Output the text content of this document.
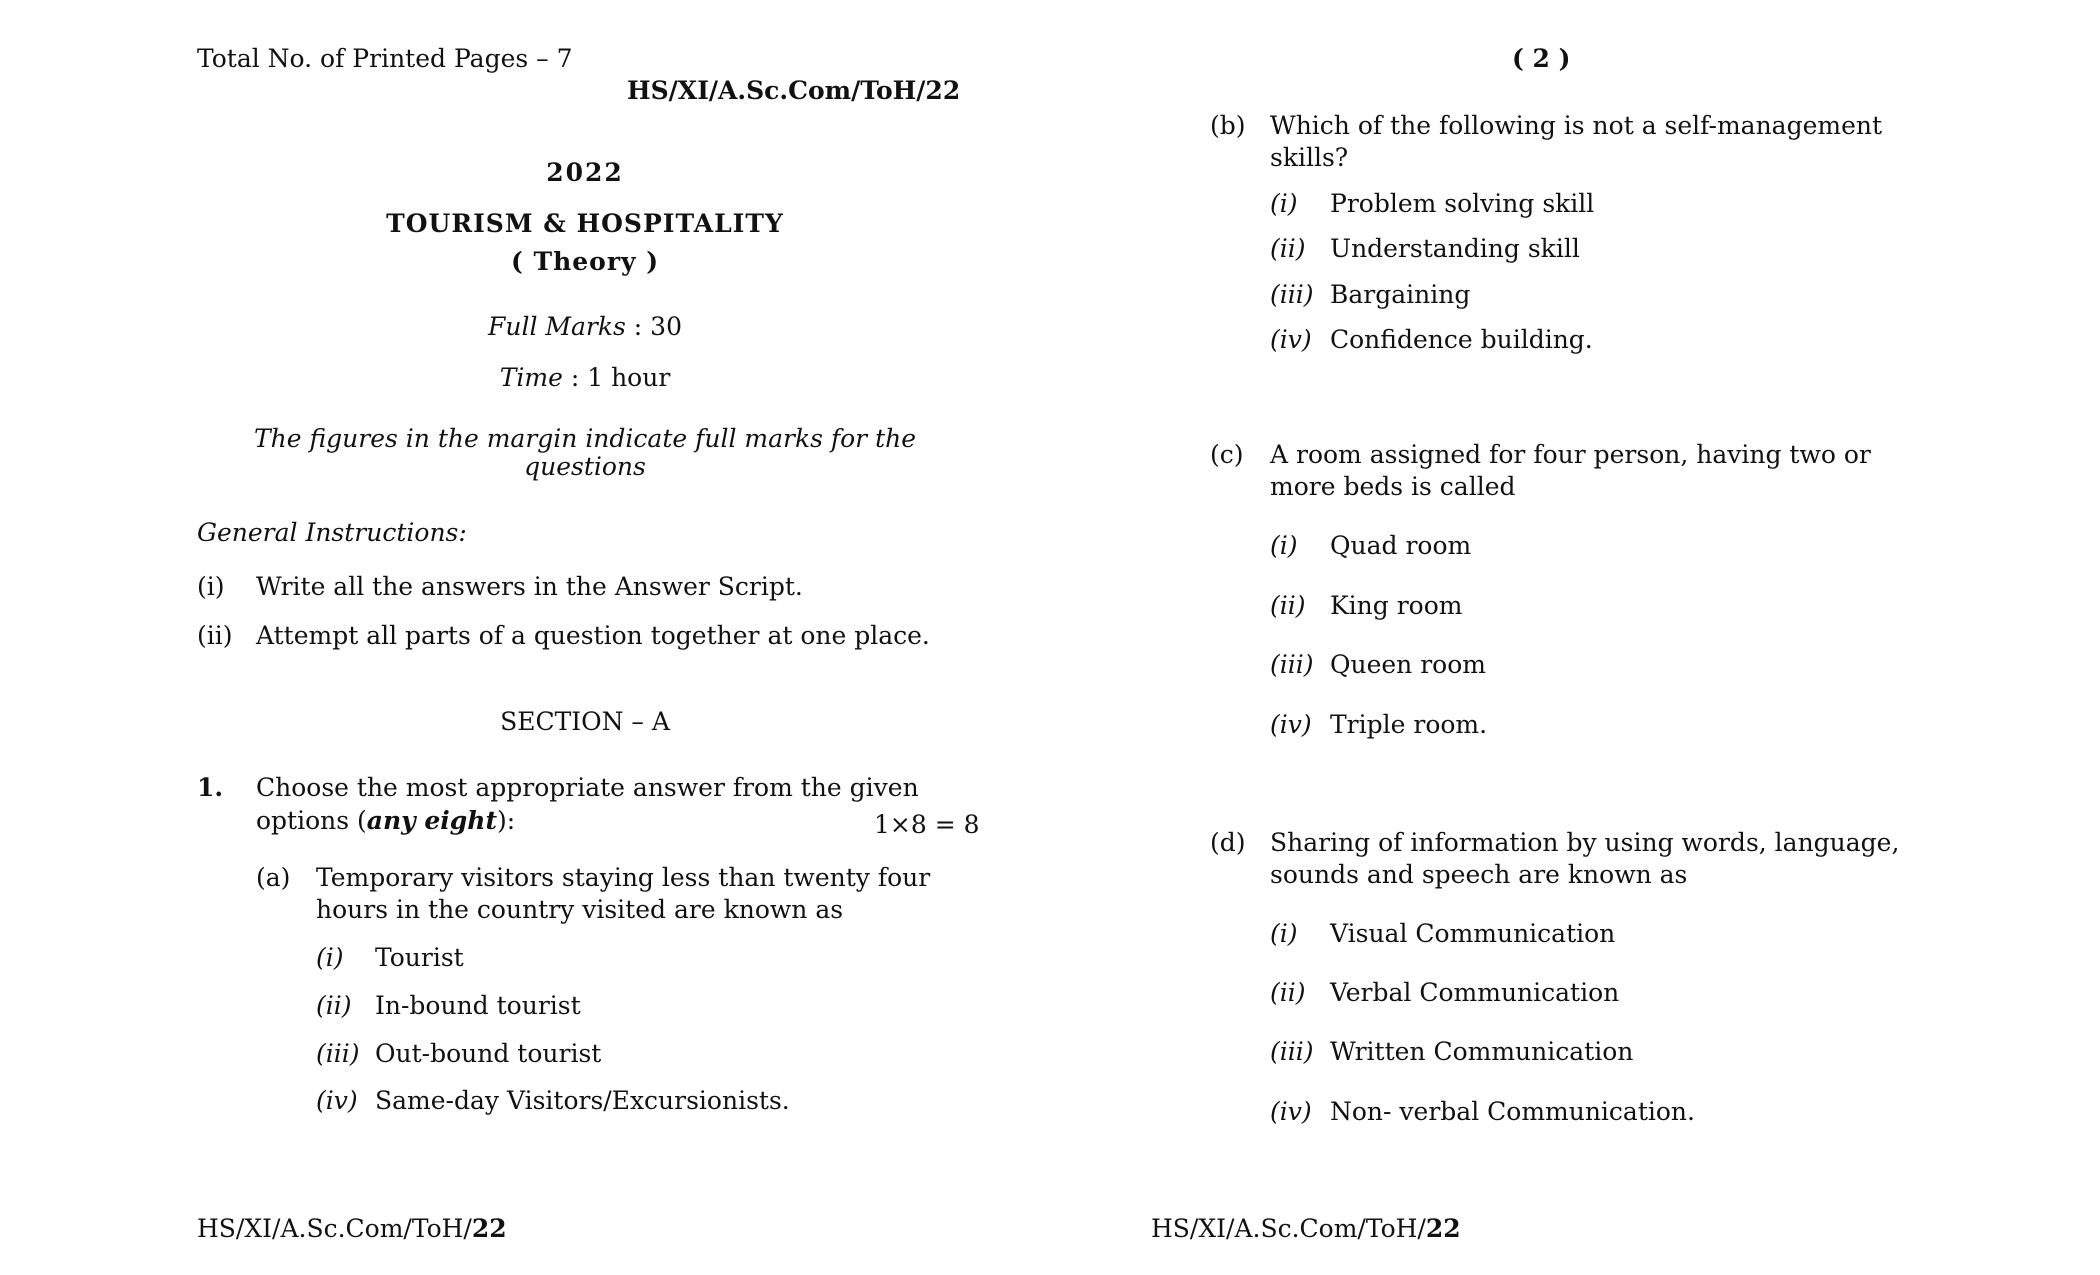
Total No. of Printed Pages – 7
HS/XI/A.Sc.Com/ToH/22
2022
TOURISM & HOSPITALITY
( Theory )
Full Marks : 30
Time : 1 hour
The figures in the margin indicate full marks for the
questions
General Instructions:
(i) Write all the answers in the Answer Script.
(ii) Attempt all parts of a question together at one place.
SECTION – A
1. Choose the most appropriate answer from the given
options (any eight):	1×8 = 8
(a) Temporary visitors staying less than twenty four
hours in the country visited are known as
(i) Tourist
(ii) In-bound tourist
(iii) Out-bound tourist
(iv) Same-day Visitors/Excursionists.
HS/XI/A.Sc.Com/ToH/22
( 2 )
(b) Which of the following is not a self-management
skills?
(i) Problem solving skill
(ii) Understanding skill
(iii) Bargaining
(iv) Confidence building.
(c) A room assigned for four person, having two or
more beds is called
(i) Quad room
(ii) King room
(iii) Queen room
(iv) Triple room.
(d) Sharing of information by using words, language,
sounds and speech are known as
(i) Visual Communication
(ii) Verbal Communication
(iii) Written Communication
(iv) Non- verbal Communication.
HS/XI/A.Sc.Com/ToH/22
